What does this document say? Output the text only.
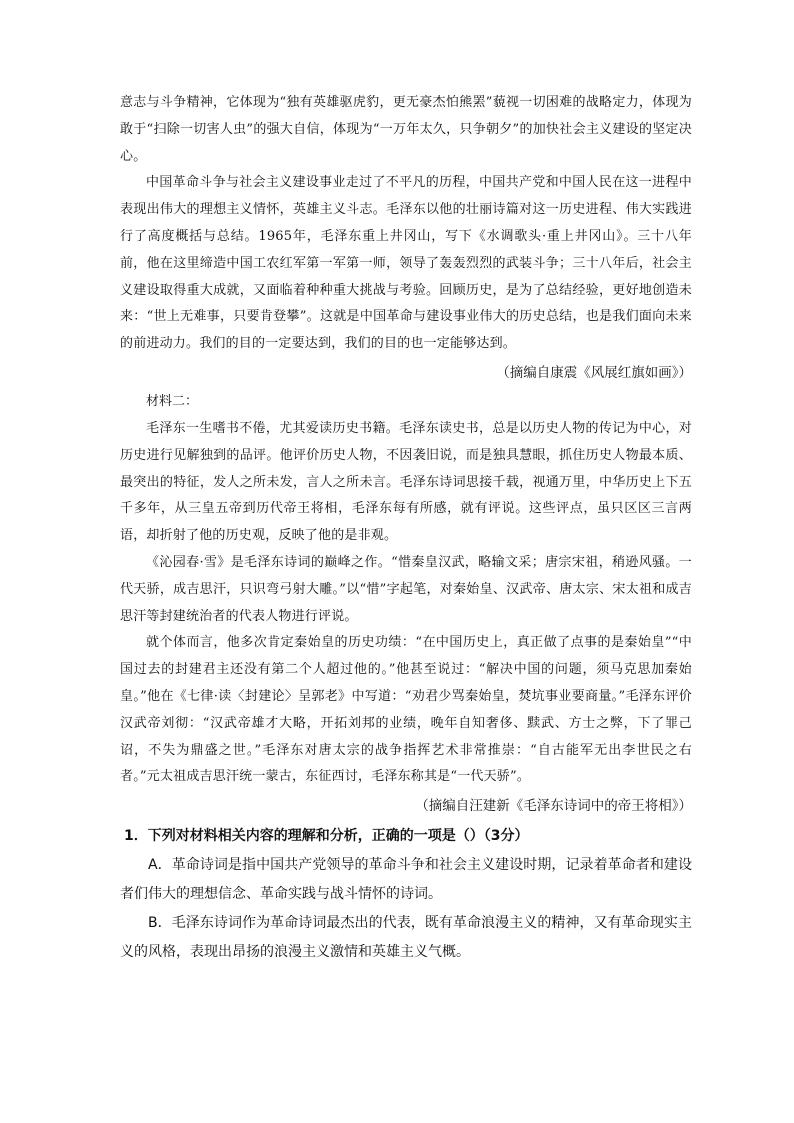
意志与斗争精神，它体现为“独有英雄驱虎豹，更无豪杰怕熊罴”藐视一切困难的战略定力，体现为敢于“扫除一切害人虫”的强大自信，体现为“一万年太久，只争朝夕”的加快社会主义建设的坚定决心。

中国革命斗争与社会主义建设事业走过了不平凡的历程，中国共产党和中国人民在这一进程中表现出伟大的理想主义情怀，英雄主义斗志。毛泽东以他的壮丽诗篇对这一历史进程、伟大实践进行了高度概括与总结。1965年，毛泽东重上井冈山，写下《水调歌头·重上井冈山》。三十八年前，他在这里缔造中国工农红军第一军第一师，领导了轰轰烈烈的武装斗争；三十八年后，社会主义建设取得重大成就，又面临着种种重大挑战与考验。回顾历史，是为了总结经验，更好地创造未来：“世上无难事，只要肯登攀”。这就是中国革命与建设事业伟大的历史总结，也是我们面向未来的前进动力。我们的目的一定要达到，我们的目的也一定能够达到。

（摘编自康震《风展红旗如画》）

材料二：

毛泽东一生嗜书不倦，尤其爱读历史书籍。毛泽东读史书，总是以历史人物的传记为中心，对历史进行见解独到的品评。他评价历史人物，不因袭旧说，而是独具慧眼，抓住历史人物最本质、最突出的特征，发人之所未发，言人之所未言。毛泽东诗词思接千载，视通万里，中华历史上下五千多年，从三皇五帝到历代帝王将相，毛泽东每有所感，就有评说。这些评点，虽只区区三言两语，却折射了他的历史观，反映了他的是非观。

《沁园春·雪》是毛泽东诗词的巅峰之作。“惜秦皇汉武，略输文采；唐宗宋祖，稍逊风骚。一代天骄，成吉思汗，只识弯弓射大雕。”以“惜”字起笔，对秦始皇、汉武帝、唐太宗、宋太祖和成吉思汗等封建统治者的代表人物进行评说。

就个体而言，他多次肯定秦始皇的历史功绩：“在中国历史上，真正做了点事的是秦始皇”“中国过去的封建君主还没有第二个人超过他的。”他甚至说过：“解决中国的问题，须马克思加秦始皇。”他在《七律·读〈封建论〉呈郭老》中写道：“劝君少骂秦始皇，焚坑事业要商量。”毛泽东评价汉武帝刘彻：“汉武帝雄才大略，开拓刘邦的业绩，晚年自知奢侈、黩武、方士之弊，下了罪己诏，不失为鼎盛之世。”毛泽东对唐太宗的战争指挥艺术非常推崇：“自古能军无出李世民之右者。”元太祖成吉思汗统一蒙古，东征西讨，毛泽东称其是“一代天骄”。

（摘编自汪建新《毛泽东诗词中的帝王将相》）

1．下列对材料相关内容的理解和分析，正确的一项是（）（3分）

A．革命诗词是指中国共产党领导的革命斗争和社会主义建设时期，记录着革命者和建设者们伟大的理想信念、革命实践与战斗情怀的诗词。

B．毛泽东诗词作为革命诗词最杰出的代表，既有革命浪漫主义的精神，又有革命现实主义的风格，表现出昂扬的浪漫主义激情和英雄主义气概。
